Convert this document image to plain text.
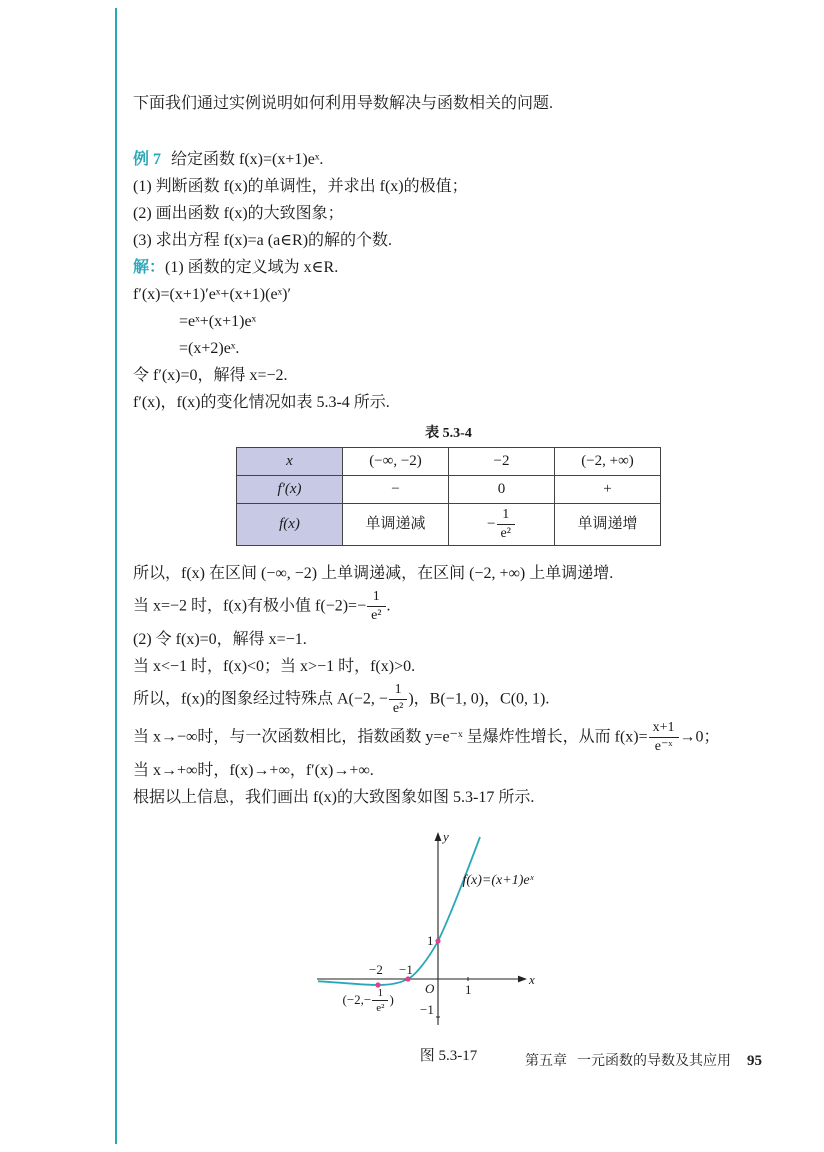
下面我们通过实例说明如何利用导数解决与函数相关的问题.

例 7 给定函数 f(x)=(x+1)eˣ.

(1) 判断函数 f(x)的单调性，并求出 f(x)的极值；

(2) 画出函数 f(x)的大致图象；

(3) 求出方程 f(x)=a (a∈R)的解的个数.

解：(1) 函数的定义域为 x∈R.

f′(x)=(x+1)′eˣ+(x+1)(eˣ)′

=eˣ+(x+1)eˣ

=(x+2)eˣ.

令 f′(x)=0，解得 x=−2.

f′(x)，f(x)的变化情况如表 5.3-4 所示.

表 5.3-4
x	(−∞, −2)	−2	(−2, +∞)
f′(x)	−	0	+
f(x)	单调递减	− $\frac{1}{\text{e²}}$	单调递增

所以，f(x) 在区间 (−∞, −2) 上单调递减，在区间 (−2, +∞) 上单调递增.

当 x=−2 时，f(x)有极小值 $f(-2)=- \frac{1}{\text{e²}}$ .

(2) 令 f(x)=0，解得 x=−1.

当 x<−1 时，f(x)<0；当 x>−1 时，f(x)>0.

所以，f(x)的图象经过特殊点 A(−2, − $\frac{1}{\text{e²}}$ )，B(−1, 0)，C(0, 1).

当 x→−∞时，与一次函数相比，指数函数 y=e⁻ˣ 呈爆炸性增长，从而 $f(x)= \frac{x+1}{\text{e⁻ˣ}} \to 0$；

当 x→+∞时，f(x)→+∞，f′(x)→+∞.

根据以上信息，我们画出 f(x)的大致图象如图 5.3-17 所示.

y
x
O
−2 −1
1
1
−1
f(x)=(x+1)eˣ
($-2,- \frac{1}{\text{e²}}$ )
图 5.3-17	第五章 一元函数的导数及其应用 95
